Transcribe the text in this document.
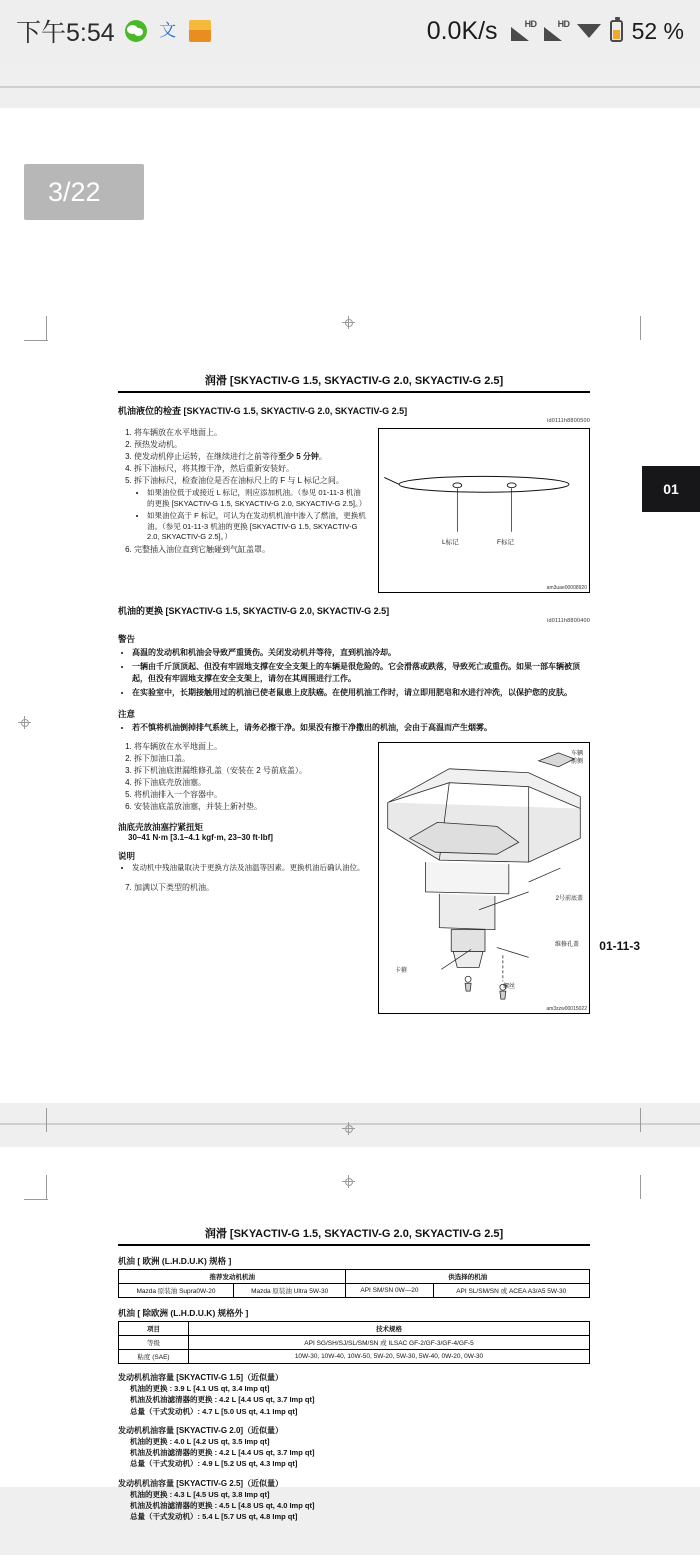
下午5:54	文	0.0K/s	HD HD	52 %
3/22
01
润滑 [SKYACTIV-G 1.5, SKYACTIV-G 2.0, SKYACTIV-G 2.5]
机油液位的检查 [SKYACTIV-G 1.5, SKYACTIV-G 2.0, SKYACTIV-G 2.5]
id0111h8800500
1. 将车辆放在水平地面上。
2. 预热发动机。
3. 使发动机停止运转，在继续进行之前等待至少 5 分钟。
4. 拆下油标尺，将其擦干净，然后重新安装好。
5. 拆下油标尺，检查油位是否在油标尺上的 F 与 L 标记之间。
• 如果油位低于或接近 L 标记，则应添加机油。（参见 01-11-3 机油的更换 [SKYACTIV-G 1.5, SKYACTIV-G 2.0, SKYACTIV-G 2.5]。）
• 如果油位高于 F 标记，可认为在发动机机油中渗入了燃油，更换机油。（参见 01-11-3 机油的更换 [SKYACTIV-G 1.5, SKYACTIV-G 2.0, SKYACTIV-G 2.5]。）
6. 完整插入油位直到它触碰到气缸盖罩。
L标记	F标记
am3uae00008920
机油的更换 [SKYACTIV-G 1.5, SKYACTIV-G 2.0, SKYACTIV-G 2.5]
id0111h8800400
警告
• 高温的发动机和机油会导致严重烫伤。关闭发动机并等待，直到机油冷却。
• 一辆由千斤顶顶起、但没有牢固地支撑在安全支架上的车辆是很危险的。它会滑落或跌落，导致死亡或重伤。如果一部车辆被顶起，但没有牢固地支撑在安全支架上，请勿在其周围进行工作。
• 在实验室中，长期接触用过的机油已使老鼠患上皮肤癌。在使用机油工作时，请立即用肥皂和水进行冲洗，以保护您的皮肤。
注意
• 若不慎将机油倒掉排气系统上，请务必擦干净。如果没有擦干净撒出的机油，会由于高温而产生烟雾。
1. 将车辆放在水平地面上。
2. 拆下加油口盖。
3. 拆下机油底泄漏维修孔盖（安装在 2 号前底盖）。
4. 拆下油底壳放油塞。
5. 将机油排入一个容器中。
6. 安装油底盖放油塞，并装上新衬垫。
油底壳放油塞拧紧扭矩
30–41 N·m [3.1–4.1 kgf·m, 23–30 ft·lbf]
说明
• 发动机中残油量取决于更换方法及油温等因素。更换机油后确认油位。
7. 加满以下类型的机油。
车辆
前侧
2号前底盖
维修孔盖
卡箍
螺丝
am3zzw00015022
01-11-3
润滑 [SKYACTIV-G 1.5, SKYACTIV-G 2.0, SKYACTIV-G 2.5]
机油 [ 欧洲 (L.H.D.U.K) 规格 ]
推荐发动机机油		供选择的机油	
Mazda 原装油 Supra0W-20	Mazda 原装油 Ultra 5W-30	API SM/SN 0W—20	API SL/SM/SN 或 ACEA A3/A5 5W-30
机油 [ 除欧洲 (L.H.D.U.K) 规格外 ]
项目	技术规格
等级	API SG/SH/SJ/SL/SM/SN 或 ILSAC GF-2/GF-3/GF-4/GF-5
粘度 (SAE)	10W-30, 10W-40, 10W-50, 5W-20, 5W-30, 5W-40, 0W-20, 0W-30
发动机机油容量 [SKYACTIV-G 1.5]（近似量）
机油的更换 : 3.9 L [4.1 US qt, 3.4 Imp qt]
机油及机油滤清器的更换 : 4.2 L [4.4 US qt, 3.7 Imp qt]
总量（干式发动机）: 4.7 L [5.0 US qt, 4.1 Imp qt]
发动机机油容量 [SKYACTIV-G 2.0]（近似量）
机油的更换 : 4.0 L [4.2 US qt, 3.5 Imp qt]
机油及机油滤清器的更换 : 4.2 L [4.4 US qt, 3.7 Imp qt]
总量（干式发动机）: 4.9 L [5.2 US qt, 4.3 Imp qt]
发动机机油容量 [SKYACTIV-G 2.5]（近似量）
机油的更换 : 4.3 L [4.5 US qt, 3.8 Imp qt]
机油及机油滤清器的更换 : 4.5 L [4.8 US qt, 4.0 Imp qt]
总量（干式发动机）: 5.4 L [5.7 US qt, 4.8 Imp qt]
